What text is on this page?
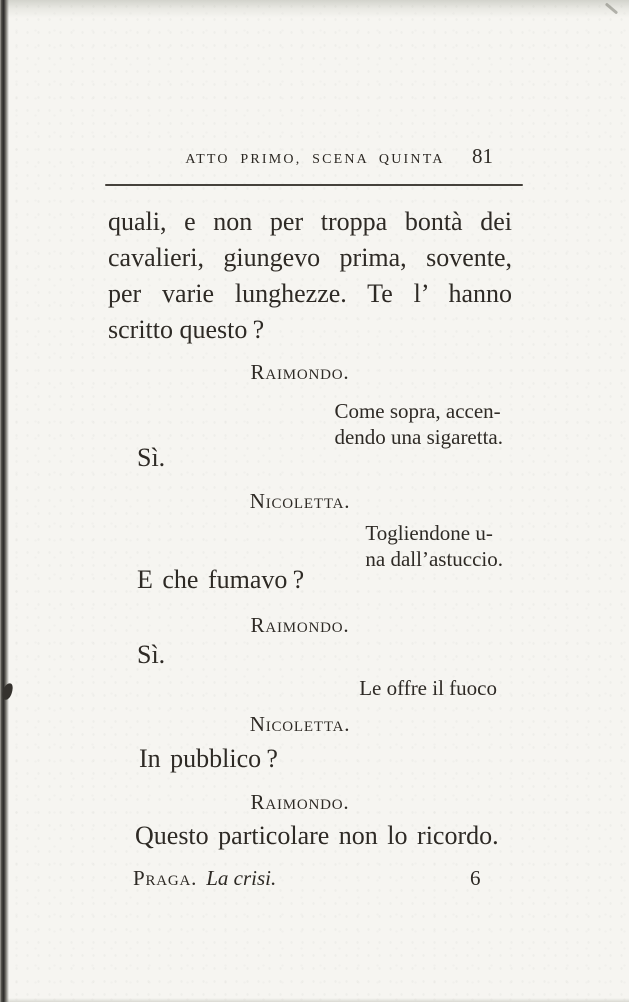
ATTO PRIMO, SCENA QUINTA	81
quali, e non per troppa bontà dei
cavalieri, giungevo prima, sovente,
per varie lunghezze. Te l’ hanno
scritto questo ?
Raimondo.
Come sopra, accen-
dendo una sigaretta.
Sì.
Nicoletta.
Togliendone u-
na dall’astuccio.
E che fumavo ?
Raimondo.
Sì.
Le offre il fuoco
Nicoletta.
In pubblico ?
Raimondo.
Questo particolare non lo ricordo.
Praga. La crisi.	6
